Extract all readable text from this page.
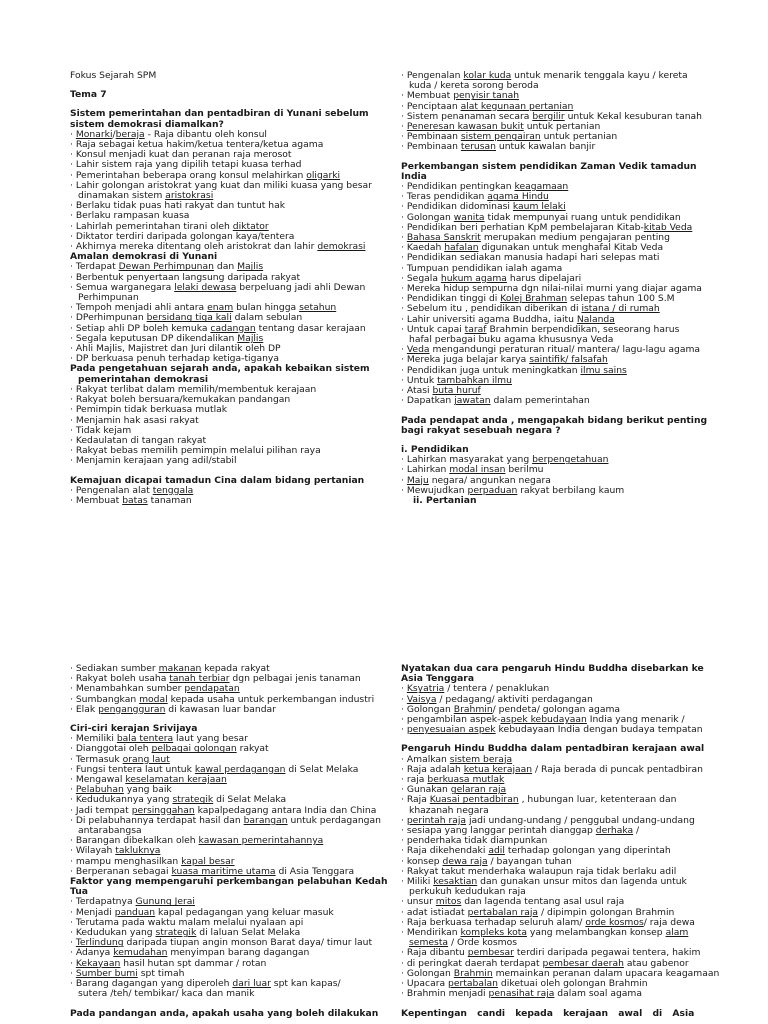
Fokus Sejarah SPM
Tema 7
Sistem pemerintahan dan pentadbiran di Yunani sebelum
sistem demokrasi diamalkan?
· Monarki/beraja - Raja dibantu oleh konsul
· Raja sebagai ketua hakim/ketua tentera/ketua agama
· Konsul menjadi kuat dan peranan raja merosot
· Lahir sistem raja yang dipilih tetapi kuasa terhad
· Pemerintahan beberapa orang konsul melahirkan oligarki
· Lahir golongan aristokrat yang kuat dan miliki kuasa yang besar
dinamakan sistem aristokrasi
· Berlaku tidak puas hati rakyat dan tuntut hak
· Berlaku rampasan kuasa
· Lahirlah pemerintahan tirani oleh diktator
· Diktator terdiri daripada golongan kaya/tentera
· Akhirnya mereka ditentang oleh aristokrat dan lahir demokrasi
Amalan demokrasi di Yunani
· Terdapat Dewan Perhimpunan dan Majlis
· Berbentuk penyertaan langsung daripada rakyat
· Semua warganegara lelaki dewasa berpeluang jadi ahli Dewan
Perhimpunan
· Tempoh menjadi ahli antara enam bulan hingga setahun
· DPerhimpunan bersidang tiga kali dalam sebulan
· Setiap ahli DP boleh kemuka cadangan tentang dasar kerajaan
· Segala keputusan DP dikendalikan Majlis
· Ahli Majlis, Majistret dan Juri dilantik oleh DP
· DP berkuasa penuh terhadap ketiga-tiganya
Pada pengetahuan sejarah anda, apakah kebaikan sistem
pemerintahan demokrasi
· Rakyat terlibat dalam memilih/membentuk kerajaan
· Rakyat boleh bersuara/kemukakan pandangan
· Pemimpin tidak berkuasa mutlak
· Menjamin hak asasi rakyat
· Tidak kejam
· Kedaulatan di tangan rakyat
· Rakyat bebas memilih pemimpin melalui pilihan raya
· Menjamin kerajaan yang adil/stabil
Kemajuan dicapai tamadun Cina dalam bidang pertanian
· Pengenalan alat tenggala
· Membuat batas tanaman
· Pengenalan kolar kuda untuk menarik tenggala kayu / kereta
kuda / kereta sorong beroda
· Membuat penyisir tanah
· Penciptaan alat kegunaan pertanian
· Sistem penanaman secara bergilir untuk Kekal kesuburan tanah
· Peneresan kawasan bukit untuk pertanian
· Pembinaan sistem pengairan untuk pertanian
· Pembinaan terusan untuk kawalan banjir
Perkembangan sistem pendidikan Zaman Vedik tamadun
India
· Pendidikan pentingkan keagamaan
· Teras pendidikan agama Hindu
· Pendidikan didominasi kaum lelaki
· Golongan wanita tidak mempunyai ruang untuk pendidikan
· Pendidikan beri perhatian KpM pembelajaran Kitab-kitab Veda
· Bahasa Sanskrit merupakan medium pengajaran penting
· Kaedah hafalan digunakan untuk menghafal Kitab Veda
· Pendidikan sediakan manusia hadapi hari selepas mati
· Tumpuan pendidikan ialah agama
· Segala hukum agama harus dipelajari
· Mereka hidup sempurna dgn nilai-nilai murni yang diajar agama
· Pendidikan tinggi di Kolej Brahman selepas tahun 100 S.M
· Sebelum itu , pendidikan diberikan di istana / di rumah
· Lahir universiti agama Buddha, iaitu Nalanda
· Untuk capai taraf Brahmin berpendidikan, seseorang harus
hafal perbagai buku agama khususnya Veda
· Veda mengandungi peraturan ritual/ mantera/ lagu-lagu agama
· Mereka juga belajar karya saintifik/ falsafah
· Pendidikan juga untuk meningkatkan ilmu sains
· Untuk tambahkan ilmu
· Atasi buta huruf
· Dapatkan jawatan dalam pemerintahan
Pada pendapat anda , mengapakah bidang berikut penting
bagi rakyat sesebuah negara ?
i. Pendidikan
· Lahirkan masyarakat yang berpengetahuan
· Lahirkan modal insan berilmu
· Maju negara/ angunkan negara
· Mewujudkan perpaduan rakyat berbilang kaum
ii. Pertanian
· Sediakan sumber makanan kepada rakyat
· Rakyat boleh usaha tanah terbiar dgn pelbagai jenis tanaman
· Menambahkan sumber pendapatan
· Sumbangkan modal kepada usaha untuk perkembangan industri
· Elak pengangguran di kawasan luar bandar
Ciri-ciri kerajan Srivijaya
· Memiliki bala tentera laut yang besar
· Dianggotai oleh pelbagai golongan rakyat
· Termasuk orang laut
· Fungsi tentera laut untuk kawal perdagangan di Selat Melaka
· Mengawal keselamatan kerajaan
· Pelabuhan yang baik
· Kedudukannya yang strategik di Selat Melaka
· Jadi tempat persinggahan kapalpedagang antara India dan China
· Di pelabuhannya terdapat hasil dan barangan untuk perdagangan
antarabangsa
· Barangan dibekalkan oleh kawasan pemerintahannya
· Wilayah takluknya
· mampu menghasilkan kapal besar
· Berperanan sebagai kuasa maritime utama di Asia Tenggara
Faktor yang mempengaruhi perkembangan pelabuhan Kedah
Tua
· Terdapatnya Gunung Jerai
· Menjadi panduan kapal pedagangan yang keluar masuk
· Terutama pada waktu malam melalui nyalaan api
· Kedudukan yang strategik di laluan Selat Melaka
· Terlindung daripada tiupan angin monson Barat daya/ timur laut
· Adanya kemudahan menyimpan barang dagangan
· Kekayaan hasil hutan spt dammar / rotan
· Sumber bumi spt timah
· Barang dagangan yang diperoleh dari luar spt kan kapas/
sutera /teh/ tembikar/ kaca dan manik
Pada pandangan anda, apakah usaha yang boleh dilakukan
Nyatakan dua cara pengaruh Hindu Buddha disebarkan ke
Asia Tenggara
· Ksyatria / tentera / penaklukan
· Vaisya / pedagang/ aktiviti perdagangan
· Golongan Brahmin/ pendeta/ golongan agama
· pengambilan aspek-aspek kebudayaan India yang menarik /
· penyesuaian aspek kebudayaan India dengan budaya tempatan
Pengaruh Hindu Buddha dalam pentadbiran kerajaan awal
· Amalkan sistem beraja
· Raja adalah ketua kerajaan / Raja berada di puncak pentadbiran
· raja berkuasa mutlak
· Gunakan gelaran raja
· Raja Kuasai pentadbiran , hubungan luar, ketenteraan dan
khazanah negara
· perintah raja jadi undang-undang / penggubal undang-undang
· sesiapa yang langgar perintah dianggap derhaka /
· penderhaka tidak diampunkan
· Raja dikehendaki adil terhadap golongan yang diperintah
· konsep dewa raja / bayangan tuhan
· Rakyat takut menderhaka walaupun raja tidak berlaku adil
· Miliki kesaktian dan gunakan unsur mitos dan lagenda untuk
perkukuh kedudukan raja
· unsur mitos dan lagenda tentang asal usul raja
· adat istiadat pertabalan raja / dipimpin golongan Brahmin
· Raja berkuasa terhadap seluruh alam/ orde kosmos/ raja dewa
· Mendirikan kompleks kota yang melambangkan konsep alam
semesta / Orde kosmos
· Raja dibantu pembesar terdiri daripada pegawai tentera, hakim
· di peringkat daerah terdapat pembesar daerah atau gabenor
· Golongan Brahmin memainkan peranan dalam upacara keagamaan
· Upacara pertabalan diketuai oleh golongan Brahmin
· Brahmin menjadi penasihat raja dalam soal agama
Kepentingan candi kepada kerajaan awal di Asia
